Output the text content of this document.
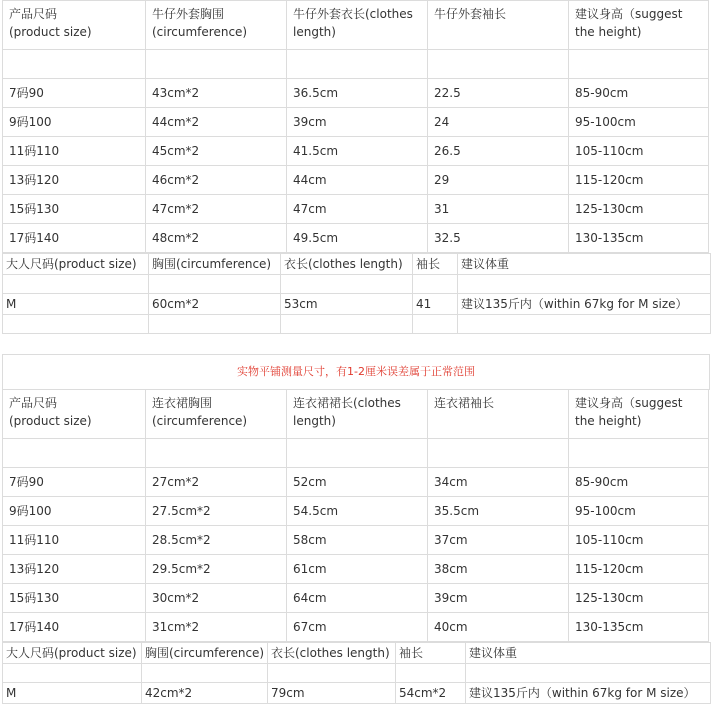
产品尺码
(product size)	牛仔外套胸围
(circumference)	牛仔外套衣长(clothes
length)	牛仔外套袖长	建议身高（suggest
the height)

7码90	43cm*2	36.5cm	22.5	85-90cm
9码100	44cm*2	39cm	24	95-100cm
11码110	45cm*2	41.5cm	26.5	105-110cm
13码120	46cm*2	44cm	29	115-120cm
15码130	47cm*2	47cm	31	125-130cm
17码140	48cm*2	49.5cm	32.5	130-135cm
大人尺码(product size)	胸围(circumference)	衣长(clothes length)	袖长	建议体重

M	60cm*2	53cm	41	建议135斤内（within 67kg for M size）

实物平铺测量尺寸，有1-2厘米误差属于正常范围
产品尺码
(product size)	连衣裙胸围
(circumference)	连衣裙裙长(clothes
length)	连衣裙袖长	建议身高（suggest
the height)

7码90	27cm*2	52cm	34cm	85-90cm
9码100	27.5cm*2	54.5cm	35.5cm	95-100cm
11码110	28.5cm*2	58cm	37cm	105-110cm
13码120	29.5cm*2	61cm	38cm	115-120cm
15码130	30cm*2	64cm	39cm	125-130cm
17码140	31cm*2	67cm	40cm	130-135cm
大人尺码(product size)	胸围(circumference)	衣长(clothes length)	袖长	建议体重

M	42cm*2	79cm	54cm*2	建议135斤内（within 67kg for M size）
